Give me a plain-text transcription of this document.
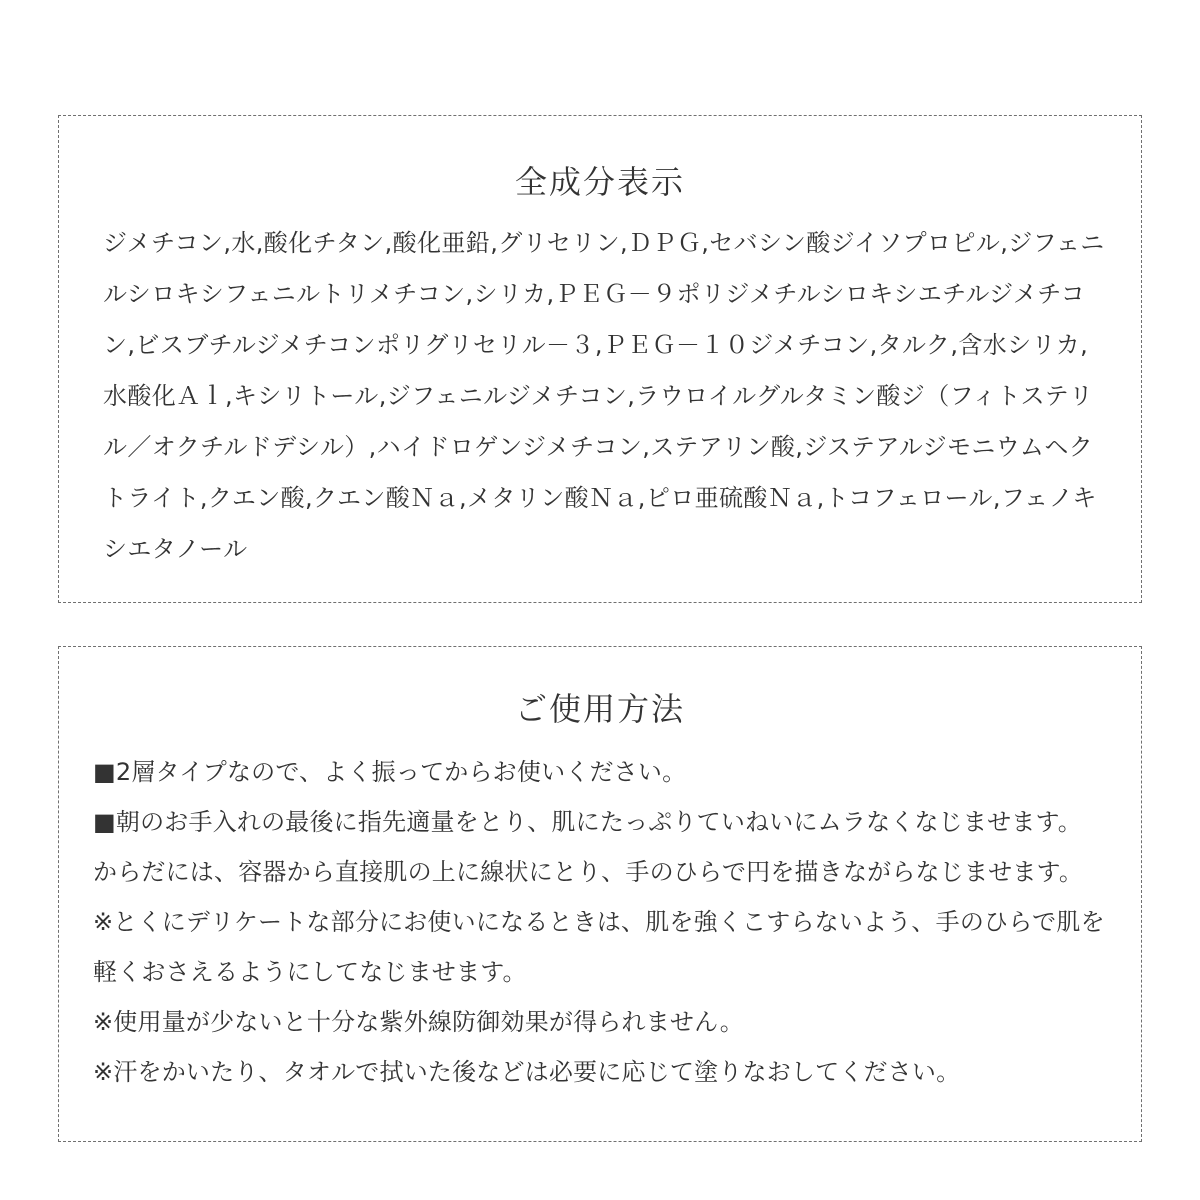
全成分表示

ジメチコン,水,酸化チタン,酸化亜鉛,グリセリン,ＤＰＧ,セバシン酸ジイソプロピル,ジフェニルシロキシフェニルトリメチコン,シリカ,ＰＥＧ－９ポリジメチルシロキシエチルジメチコン,ビスブチルジメチコンポリグリセリル－３,ＰＥＧ－１０ジメチコン,タルク,含水シリカ,水酸化Ａｌ,キシリトール,ジフェニルジメチコン,ラウロイルグルタミン酸ジ（フィトステリル／オクチルドデシル）,ハイドロゲンジメチコン,ステアリン酸,ジステアルジモニウムヘクトライト,クエン酸,クエン酸Ｎａ,メタリン酸Ｎａ,ピロ亜硫酸Ｎａ,トコフェロール,フェノキシエタノール

ご使用方法
■2層タイプなので、よく振ってからお使いください。
■朝のお手入れの最後に指先適量をとり、肌にたっぷりていねいにムラなくなじませます。
からだには、容器から直接肌の上に線状にとり、手のひらで円を描きながらなじませます。
※とくにデリケートな部分にお使いになるときは、肌を強くこすらないよう、手のひらで肌を軽くおさえるようにしてなじませます。
※使用量が少ないと十分な紫外線防御効果が得られません。
※汗をかいたり、タオルで拭いた後などは必要に応じて塗りなおしてください。
